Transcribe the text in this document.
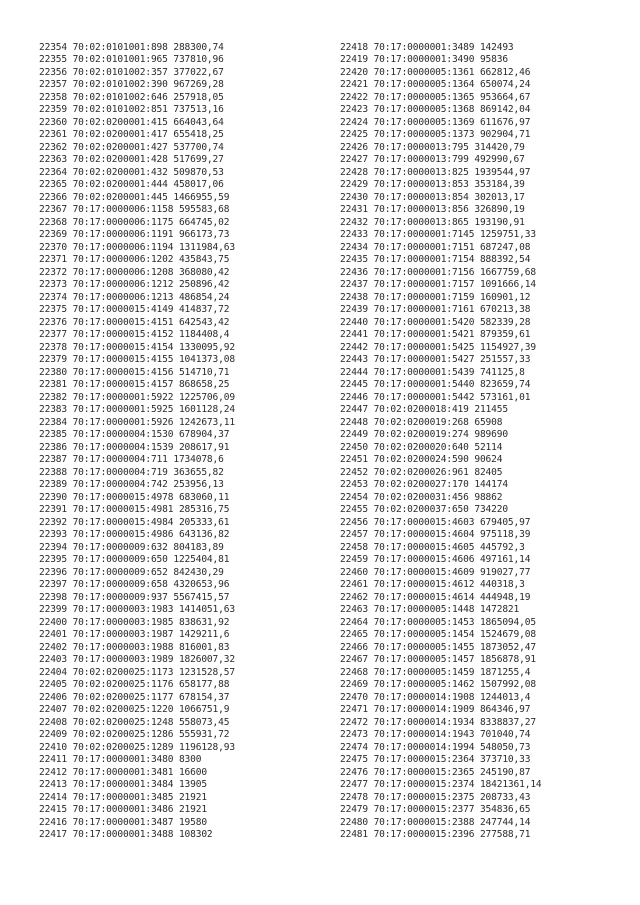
22354 70:02:0101001:898 288300,74
22355 70:02:0101001:965 737810,96
22356 70:02:0101002:357 377022,67
22357 70:02:0101002:390 967269,28
22358 70:02:0101002:646 257918,05
22359 70:02:0101002:851 737513,16
22360 70:02:0200001:415 664043,64
22361 70:02:0200001:417 655418,25
22362 70:02:0200001:427 537700,74
22363 70:02:0200001:428 517699,27
22364 70:02:0200001:432 509870,53
22365 70:02:0200001:444 458017,06
22366 70:02:0200001:445 1466955,59
22367 70:17:0000006:1158 595583,68
22368 70:17:0000006:1175 664745,02
22369 70:17:0000006:1191 966173,73
22370 70:17:0000006:1194 1311984,63
22371 70:17:0000006:1202 435843,75
22372 70:17:0000006:1208 368080,42
22373 70:17:0000006:1212 250896,42
22374 70:17:0000006:1213 486854,24
22375 70:17:0000015:4149 414837,72
22376 70:17:0000015:4151 642543,42
22377 70:17:0000015:4152 1184408,4
22378 70:17:0000015:4154 1330095,92
22379 70:17:0000015:4155 1041373,08
22380 70:17:0000015:4156 514710,71
22381 70:17:0000015:4157 868658,25
22382 70:17:0000001:5922 1225706,09
22383 70:17:0000001:5925 1601128,24
22384 70:17:0000001:5926 1242673,11
22385 70:17:0000004:1530 678904,37
22386 70:17:0000004:1539 208617,91
22387 70:17:0000004:711 1734078,6
22388 70:17:0000004:719 363655,82
22389 70:17:0000004:742 253956,13
22390 70:17:0000015:4978 683060,11
22391 70:17:0000015:4981 285316,75
22392 70:17:0000015:4984 205333,61
22393 70:17:0000015:4986 643136,82
22394 70:17:0000009:632 804183,89
22395 70:17:0000009:650 1225404,81
22396 70:17:0000009:652 842430,29
22397 70:17:0000009:658 4320653,96
22398 70:17:0000009:937 5567415,57
22399 70:17:0000003:1983 1414051,63
22400 70:17:0000003:1985 838631,92
22401 70:17:0000003:1987 1429211,6
22402 70:17:0000003:1988 816001,83
22403 70:17:0000003:1989 1826007,32
22404 70:02:0200025:1173 1231528,57
22405 70:02:0200025:1176 658177,88
22406 70:02:0200025:1177 678154,37
22407 70:02:0200025:1220 1066751,9
22408 70:02:0200025:1248 558073,45
22409 70:02:0200025:1286 555931,72
22410 70:02:0200025:1289 1196128,93
22411 70:17:0000001:3480 8300
22412 70:17:0000001:3481 16600
22413 70:17:0000001:3484 13905
22414 70:17:0000001:3485 21921
22415 70:17:0000001:3486 21921
22416 70:17:0000001:3487 19580
22417 70:17:0000001:3488 108302
22418 70:17:0000001:3489 142493
22419 70:17:0000001:3490 95836
22420 70:17:0000005:1361 662812,46
22421 70:17:0000005:1364 650074,24
22422 70:17:0000005:1365 953664,67
22423 70:17:0000005:1368 869142,04
22424 70:17:0000005:1369 611676,97
22425 70:17:0000005:1373 902904,71
22426 70:17:0000013:795 314420,79
22427 70:17:0000013:799 492990,67
22428 70:17:0000013:825 1939544,97
22429 70:17:0000013:853 353184,39
22430 70:17:0000013:854 302013,17
22431 70:17:0000013:856 326890,19
22432 70:17:0000013:865 193190,91
22433 70:17:0000001:7145 1259751,33
22434 70:17:0000001:7151 687247,08
22435 70:17:0000001:7154 888392,54
22436 70:17:0000001:7156 1667759,68
22437 70:17:0000001:7157 1091666,14
22438 70:17:0000001:7159 160901,12
22439 70:17:0000001:7161 670213,38
22440 70:17:0000001:5420 582339,28
22441 70:17:0000001:5421 879359,61
22442 70:17:0000001:5425 1154927,39
22443 70:17:0000001:5427 251557,33
22444 70:17:0000001:5439 741125,8
22445 70:17:0000001:5440 823659,74
22446 70:17:0000001:5442 573161,01
22447 70:02:0200018:419 211455
22448 70:02:0200019:268 65908
22449 70:02:0200019:274 989690
22450 70:02:0200020:640 52114
22451 70:02:0200024:590 90624
22452 70:02:0200026:961 82405
22453 70:02:0200027:170 144174
22454 70:02:0200031:456 98862
22455 70:02:0200037:650 734220
22456 70:17:0000015:4603 679405,97
22457 70:17:0000015:4604 975118,39
22458 70:17:0000015:4605 445792,3
22459 70:17:0000015:4606 497161,14
22460 70:17:0000015:4609 919027,77
22461 70:17:0000015:4612 440318,3
22462 70:17:0000015:4614 444948,19
22463 70:17:0000005:1448 1472821
22464 70:17:0000005:1453 1865094,05
22465 70:17:0000005:1454 1524679,08
22466 70:17:0000005:1455 1873052,47
22467 70:17:0000005:1457 1856878,91
22468 70:17:0000005:1459 1871255,4
22469 70:17:0000005:1462 1507992,08
22470 70:17:0000014:1908 1244013,4
22471 70:17:0000014:1909 864346,97
22472 70:17:0000014:1934 8338837,27
22473 70:17:0000014:1943 701040,74
22474 70:17:0000014:1994 548050,73
22475 70:17:0000015:2364 373710,33
22476 70:17:0000015:2365 245190,87
22477 70:17:0000015:2374 18421361,14
22478 70:17:0000015:2375 208733,43
22479 70:17:0000015:2377 354836,65
22480 70:17:0000015:2388 247744,14
22481 70:17:0000015:2396 277588,71
